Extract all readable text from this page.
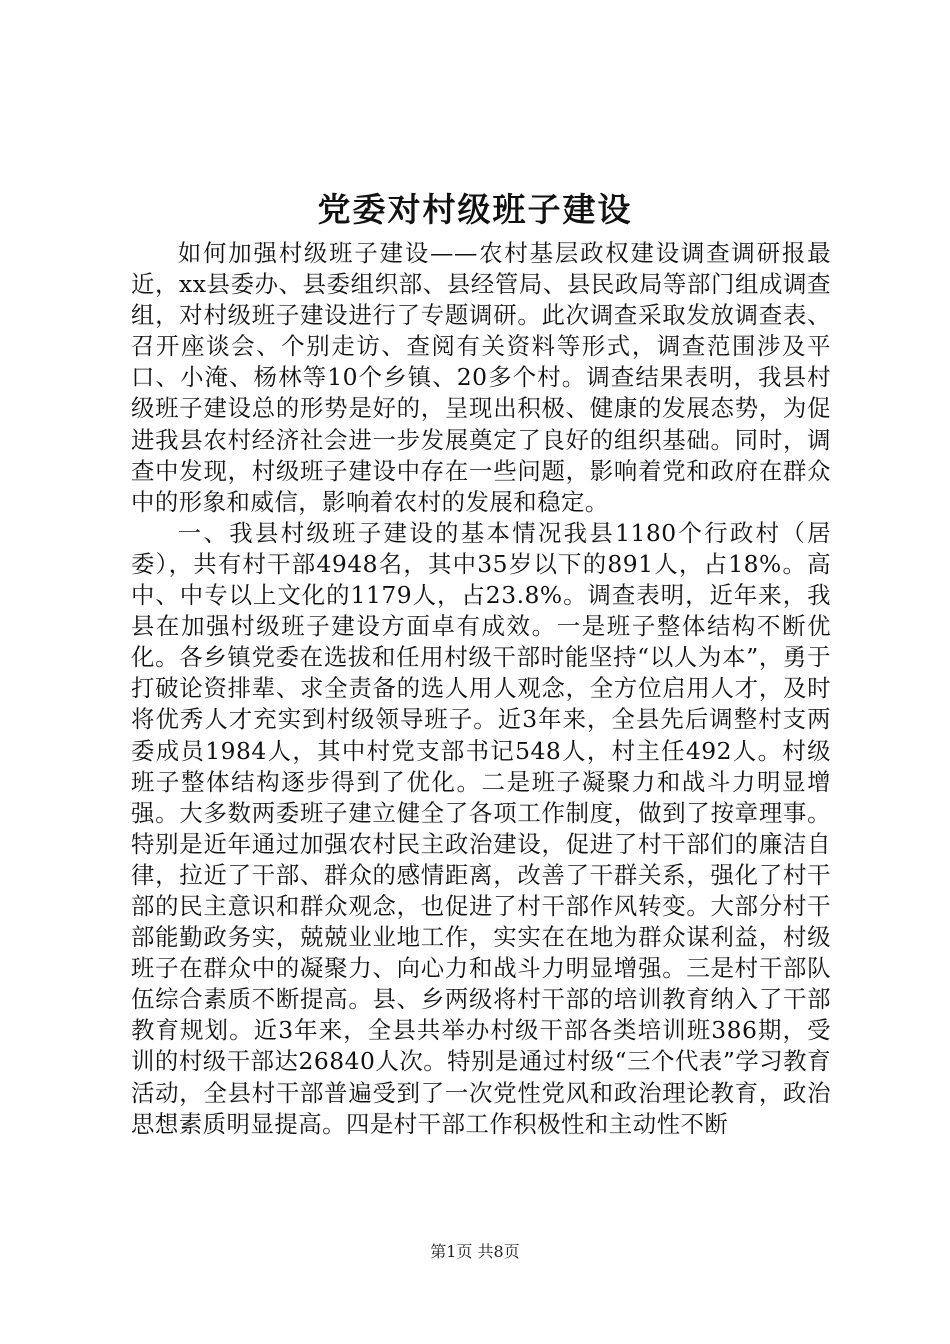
党委对村级班子建设

如何加强村级班子建设——农村基层政权建设调查调研报最近，xx县委办、县委组织部、县经管局、县民政局等部门组成调查组，对村级班子建设进行了专题调研。此次调查采取发放调查表、召开座谈会、个别走访、查阅有关资料等形式，调查范围涉及平口、小淹、杨林等10个乡镇、20多个村。调查结果表明，我县村级班子建设总的形势是好的，呈现出积极、健康的发展态势，为促进我县农村经济社会进一步发展奠定了良好的组织基础。同时，调查中发现，村级班子建设中存在一些问题，影响着党和政府在群众中的形象和威信，影响着农村的发展和稳定。

一、我县村级班子建设的基本情况我县1180个行政村（居委），共有村干部4948名，其中35岁以下的891人，占18%。高中、中专以上文化的1179人，占23.8%。调查表明，近年来，我县在加强村级班子建设方面卓有成效。一是班子整体结构不断优化。各乡镇党委在选拔和任用村级干部时能坚持“以人为本”，勇于打破论资排辈、求全责备的选人用人观念，全方位启用人才，及时将优秀人才充实到村级领导班子。近3年来，全县先后调整村支两委成员1984人，其中村党支部书记548人，村主任492人。村级班子整体结构逐步得到了优化。二是班子凝聚力和战斗力明显增强。大多数两委班子建立健全了各项工作制度，做到了按章理事。特别是近年通过加强农村民主政治建设，促进了村干部们的廉洁自律，拉近了干部、群众的感情距离，改善了干群关系，强化了村干部的民主意识和群众观念，也促进了村干部作风转变。大部分村干部能勤政务实，兢兢业业地工作，实实在在地为群众谋利益，村级班子在群众中的凝聚力、向心力和战斗力明显增强。三是村干部队伍综合素质不断提高。县、乡两级将村干部的培训教育纳入了干部教育规划。近3年来，全县共举办村级干部各类培训班386期，受训的村级干部达26840人次。特别是通过村级“三个代表”学习教育活动，全县村干部普遍受到了一次党性党风和政治理论教育，政治思想素质明显提高。四是村干部工作积极性和主动性不断

第1页 共8页
